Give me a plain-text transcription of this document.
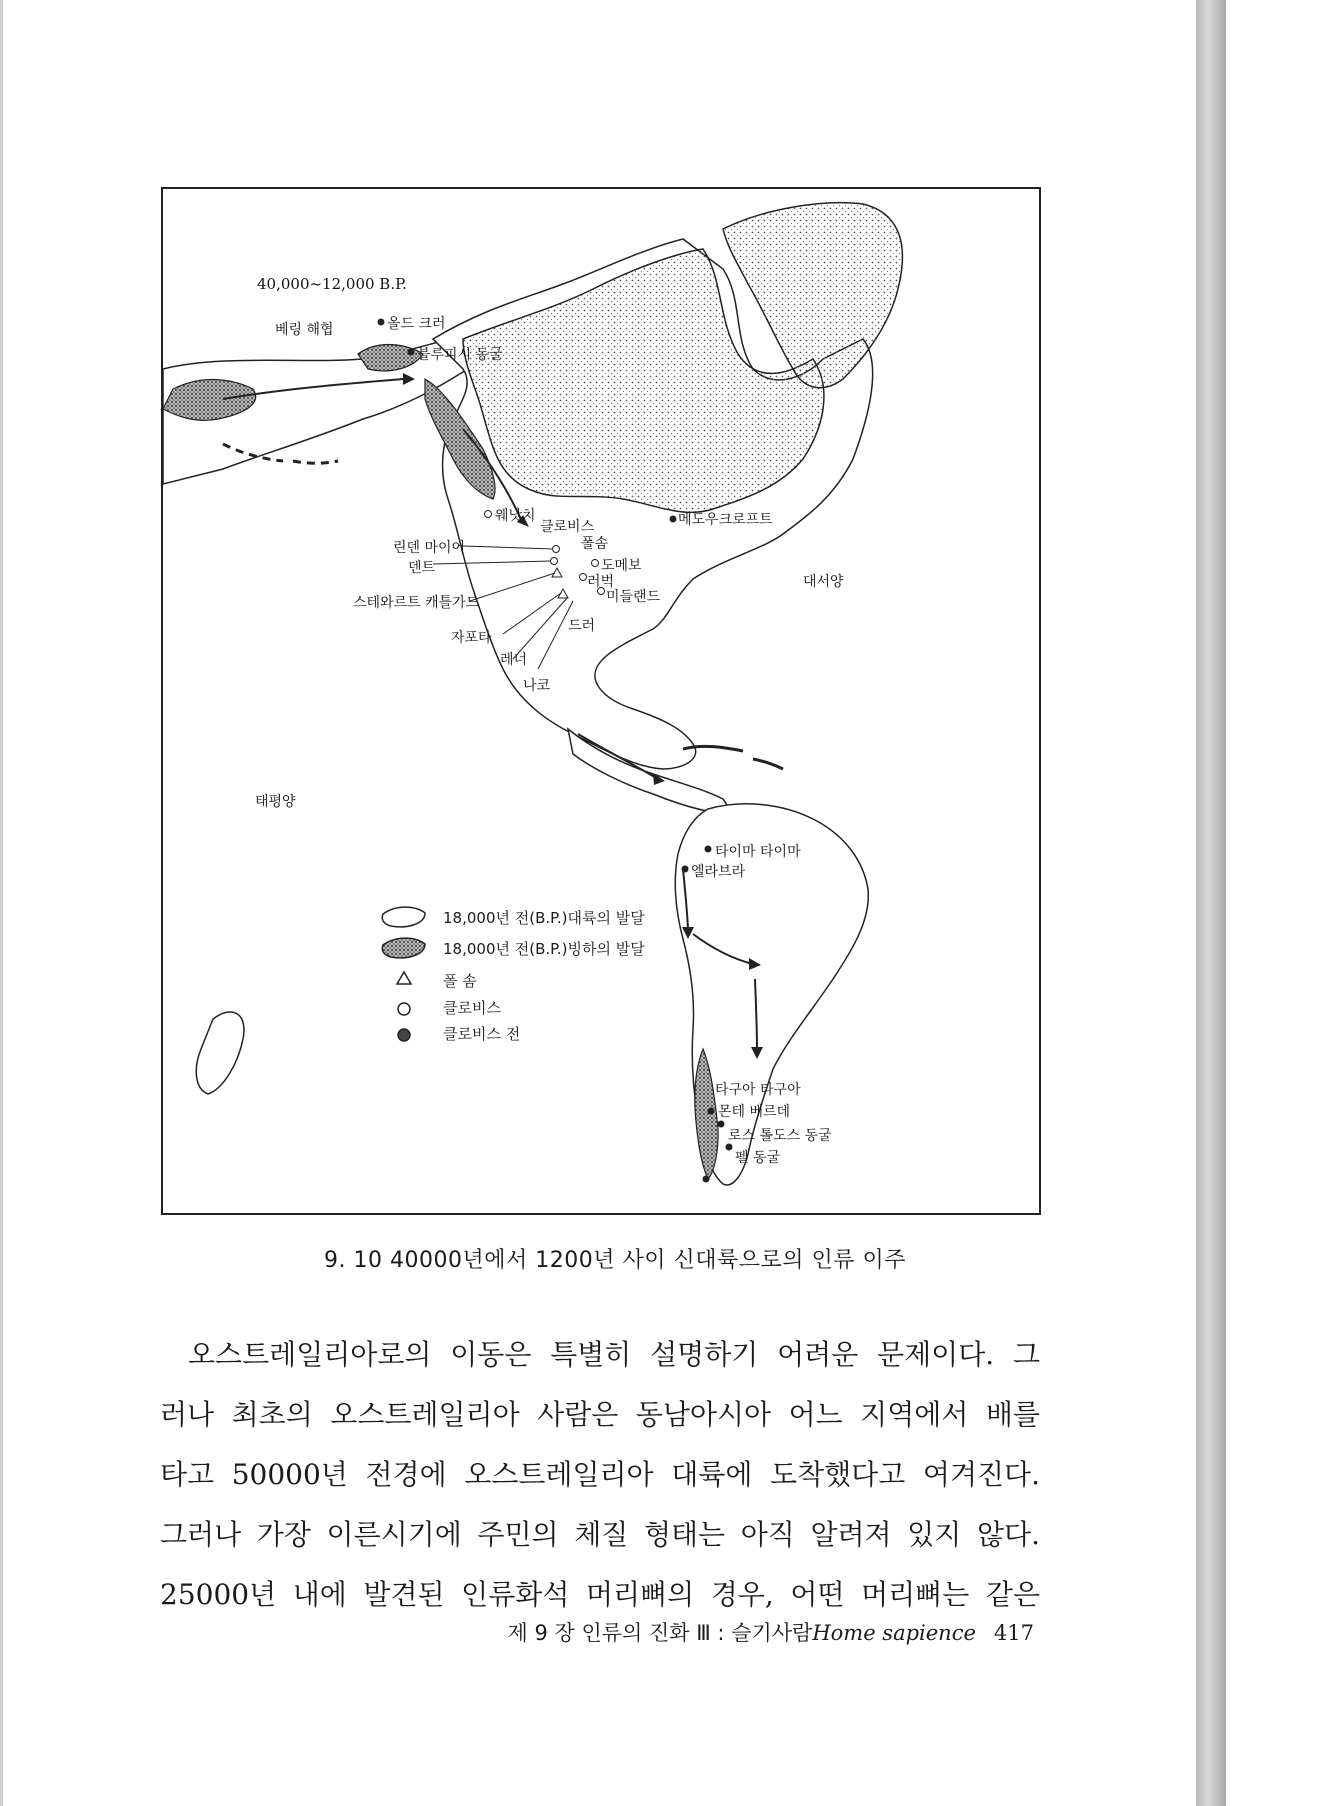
40,000~12,000 B.P.
베링 해협	올드 크러
블루피시 동굴
웨낫치
클로비스
폴솜
린덴 마이어
덴트
스테와르트 캐틀가드
자포타
레너
나코
도메보
러벅
미들랜드
드러
메도우크로프트
대서양
태평양
타이마 타이마
엘라브라
타구아 타구아
몬테 베르데
로스 톨도스 동굴
펠 동굴
18,000년 전(B.P.)대륙의 발달
18,000년 전(B.P.)빙하의 발달
폴 솜
클로비스
클로비스 전
9. 10 40000년에서 1200년 사이 신대륙으로의 인류 이주
오스트레일리아로의 이동은 특별히 설명하기 어려운 문제이다. 그
러나 최초의 오스트레일리아 사람은 동남아시아 어느 지역에서 배를
타고 50000년 전경에 오스트레일리아 대륙에 도착했다고 여겨진다.
그러나 가장 이른시기에 주민의 체질 형태는 아직 알려져 있지 않다.
25000년 내에 발견된 인류화석 머리뼈의 경우, 어떤 머리뼈는 같은
제 9 장 인류의 진화 Ⅲ : 슬기사람Home sapience 417
